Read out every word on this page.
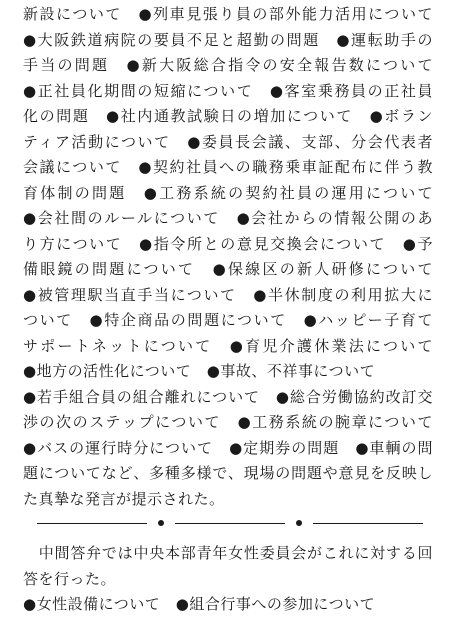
新設について　●列車見張り員の部外能力活用について
●大阪鉄道病院の要員不足と超勤の問題　●運転助手の
手当の問題　●新大阪総合指令の安全報告数について
●正社員化期間の短縮について　●客室乗務員の正社員
化の問題　●社内通教試験日の増加について　●ボラン
ティア活動について　●委員長会議、支部、分会代表者
会議について　●契約社員への職務乗車証配布に伴う教
育体制の問題　●工務系統の契約社員の運用について
●会社間のルールについて　●会社からの情報公開のあ
り方について　●指令所との意見交換会について　●予
備眼鏡の問題について　●保線区の新人研修について
●被管理駅当直手当について　●半休制度の利用拡大に
ついて　●特企商品の問題について　●ハッピー子育て
サポートネットについて　●育児介護休業法について
●地方の活性化について　●事故、不祥事について
●若手組合員の組合離れについて　●総合労働協約改訂交
渉の次のステップについて　●工務系統の腕章について
●バスの運行時分について　●定期券の問題　●車輌の問
題についてなど、多種多様で、現場の問題や意見を反映し
た真摯な発言が提示された。
　中間答弁では中央本部青年女性委員会がこれに対する回
答を行った。
●女性設備について　●組合行事への参加について
